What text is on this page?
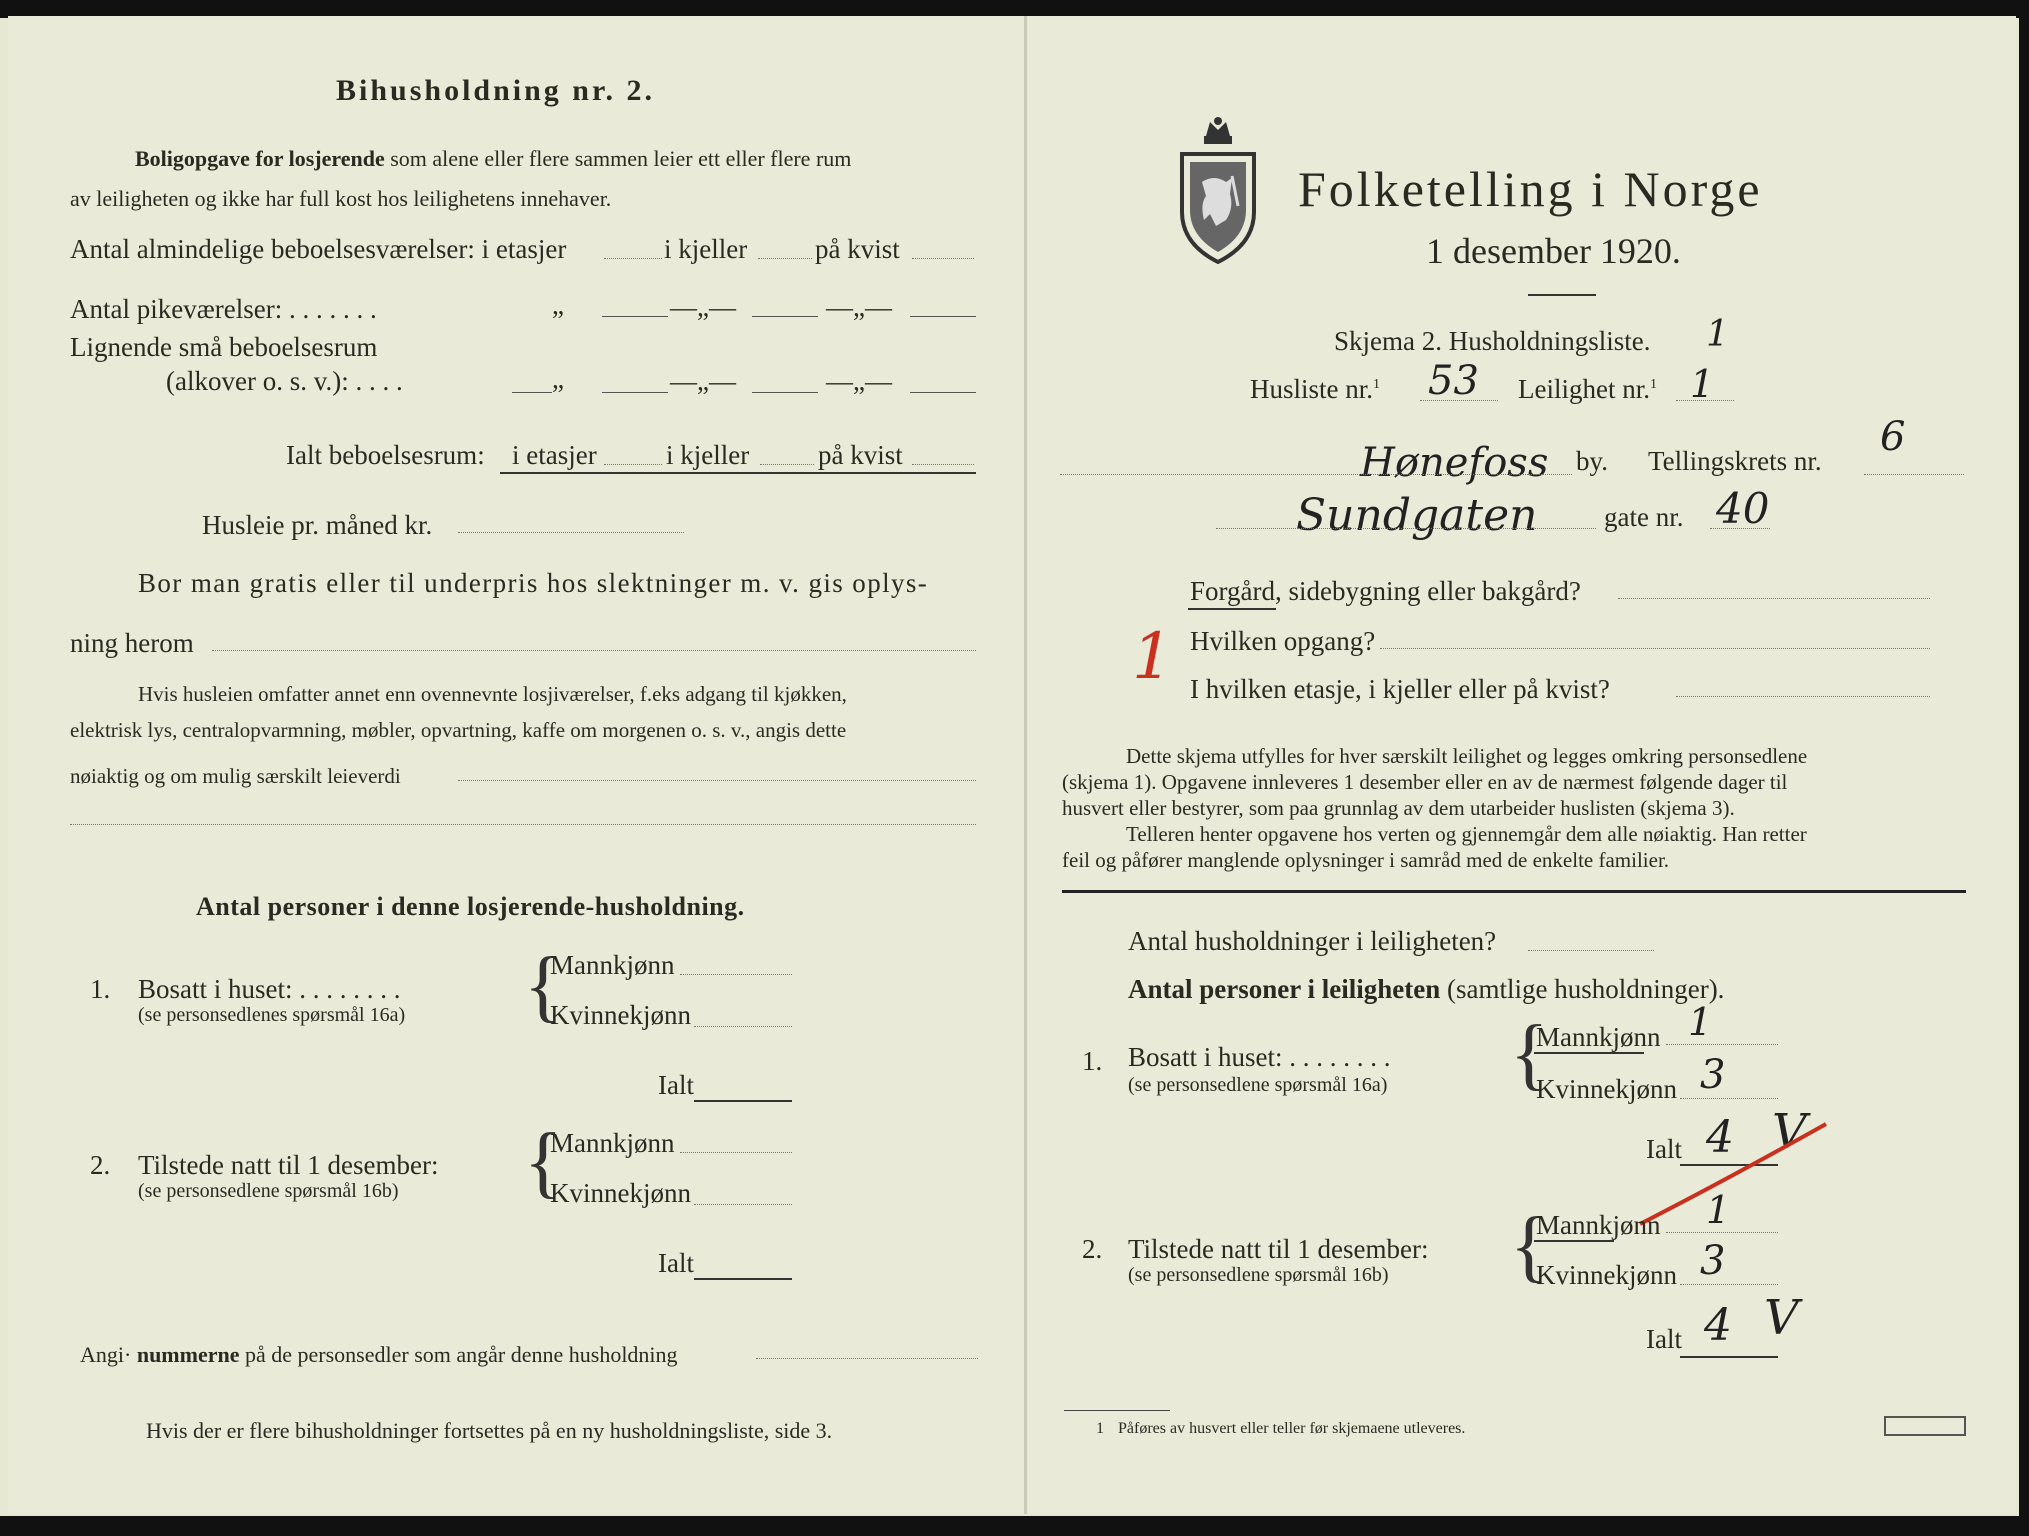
Bihusholdning nr. 2.
Boligopgave for losjerende som alene eller flere sammen leier ett eller flere rum
av leiligheten og ikke har full kost hos leilighetens innehaver.
Antal almindelige beboelsesværelser: i etasjer	i kjeller	på kvist
Antal pikeværelser: . . . . . . .	„	—„—	—„—
Lignende små beboelsesrum
(alkover o. s. v.): . . . .	„	—„—	—„—
Ialt beboelsesrum: i etasjer	i kjeller	på kvist
Husleie pr. måned kr.
Bor man gratis eller til underpris hos slektninger m. v. gis oplys-
ning herom
Hvis husleien omfatter annet enn ovennevnte losjiværelser, f.eks adgang til kjøkken,
elektrisk lys, centralopvarmning, møbler, opvartning, kaffe om morgenen o. s. v., angis dette
nøiaktig og om mulig særskilt leieverdi
Antal personer i denne losjerende-husholdning.
1. Bosatt i huset: . . . . . . . .
(se personsedlenes spørsmål 16a) {
Mannkjønn
Kvinnekjønn
Ialt
2. Tilstede natt til 1 desember:
(se personsedlene spørsmål 16b) {
Mannkjønn
Kvinnekjønn
Ialt
Angi· nummerne på de personsedler som angår denne husholdning
Hvis der er flere bihusholdninger fortsettes på en ny husholdningsliste, side 3.
Folketelling i Norge
1 desember 1920.
Skjema 2. Husholdningsliste. 1
Husliste nr.$^1$ 53 Leilighet nr.$^1$ 1
Hønefoss by. Tellingskrets nr.
6
Sundgaten gate nr. 40
Forgård, sidebygning eller bakgård?
Hvilken opgang?
I hvilken etasje, i kjeller eller på kvist?
1
Dette skjema utfylles for hver særskilt leilighet og legges omkring personsedlene
(skjema 1). Opgavene innleveres 1 desember eller en av de nærmest følgende dager til
husvert eller bestyrer, som paa grunnlag av dem utarbeider huslisten (skjema 3).
Telleren henter opgavene hos verten og gjennemgår dem alle nøiaktig. Han retter
feil og påfører manglende oplysninger i samråd med de enkelte familier.
Antal husholdninger i leiligheten?
Antal personer i leiligheten (samtlige husholdninger).
1. Bosatt i huset: . . . . . . . .
(se personsedlene spørsmål 16a) {
Mannkjønn 1
Kvinnekjønn 3
Ialt 4 V
2. Tilstede natt til 1 desember:
(se personsedlene spørsmål 16b) {
Mannkjønn 1
Kvinnekjønn 3
Ialt 4 V
1 Påføres av husvert eller teller før skjemaene utleveres.
